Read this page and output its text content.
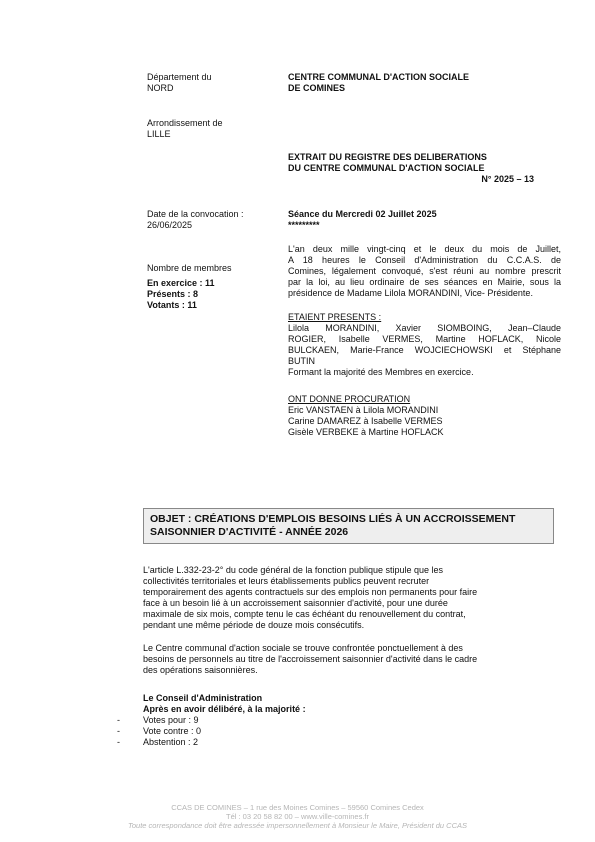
Département du
NORD
CENTRE COMMUNAL D'ACTION SOCIALE
DE COMINES
Arrondissement de
LILLE
EXTRAIT DU REGISTRE DES DELIBERATIONS
DU CENTRE COMMUNAL D'ACTION SOCIALE
N° 2025 – 13
Date de la convocation :
26/06/2025
Séance du Mercredi 02 Juillet 2025
*********
Nombre de membres
En exercice : 11
Présents : 8
Votants : 11
L'an deux mille vingt-cinq et le deux du mois de Juillet,
A 18 heures le Conseil d'Administration du C.C.A.S. de
Comines, légalement convoqué, s'est réuni au nombre prescrit
par la loi, au lieu ordinaire de ses séances en Mairie, sous la
présidence de Madame Lilola MORANDINI, Vice- Présidente.
ETAIENT PRESENTS :
Lilola MORANDINI, Xavier SIOMBOING, Jean–Claude
ROGIER, Isabelle VERMES, Martine HOFLACK, Nicole
BULCKAEN, Marie-France WOJCIECHOWSKI et Stéphane
BUTIN
Formant la majorité des Membres en exercice.
ONT DONNE PROCURATION
Eric VANSTAEN à Lilola MORANDINI
Carine DAMAREZ à Isabelle VERMES
Gisèle VERBEKE à Martine HOFLACK
OBJET : CRÉATIONS D'EMPLOIS BESOINS LIÉS À UN ACCROISSEMENT
SAISONNIER D'ACTIVITÉ - ANNÉE 2026
L'article L.332-23-2° du code général de la fonction publique stipule que les
collectivités territoriales et leurs établissements publics peuvent recruter
temporairement des agents contractuels sur des emplois non permanents pour faire
face à un besoin lié à un accroissement saisonnier d'activité, pour une durée
maximale de six mois, compte tenu le cas échéant du renouvellement du contrat,
pendant une même période de douze mois consécutifs.
Le Centre communal d'action sociale se trouve confrontée ponctuellement à des
besoins de personnels au titre de l'accroissement saisonnier d'activité dans le cadre
des opérations saisonnières.
Le Conseil d'Administration
Après en avoir délibéré, à la majorité :
-	Votes pour : 9
-	Vote contre : 0
-	Abstention : 2
CCAS DE COMINES – 1 rue des Moines Comines – 59560 Comines Cedex
Tél : 03 20 58 82 00 – www.ville-comines.fr
Toute correspondance doit être adressée impersonnellement à Monsieur le Maire, Président du CCAS
